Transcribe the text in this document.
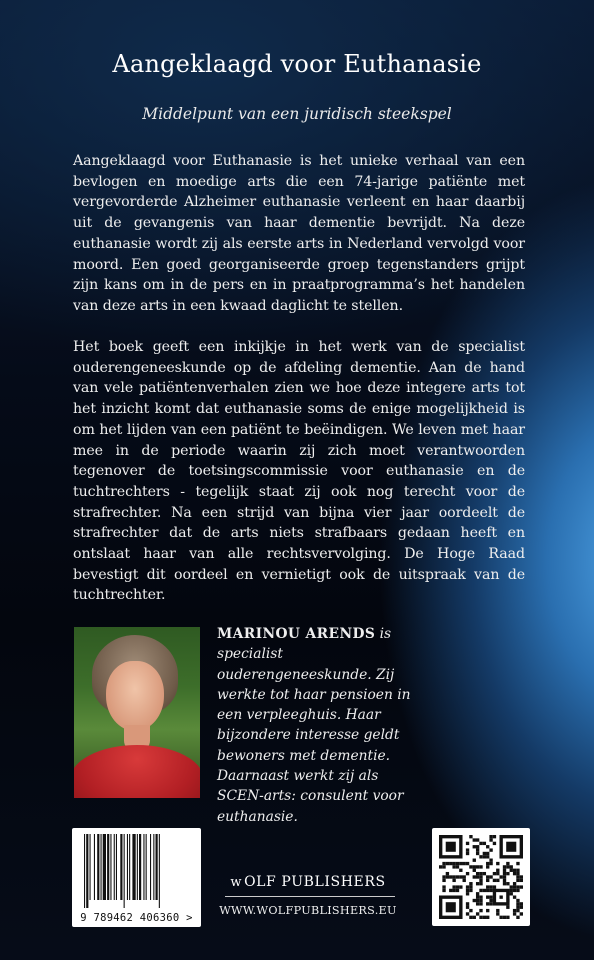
Aangeklaagd voor Euthanasie
Middelpunt van een juridisch steekspel
Aangeklaagd voor Euthanasie is het unieke verhaal van een bevlogen en moedige arts die een 74-jarige patiënte met vergevorderde Alzheimer euthanasie verleent en haar daarbij uit de gevangenis van haar dementie bevrijdt. Na deze euthanasie wordt zij als eerste arts in Nederland vervolgd voor moord. Een goed georganiseerde groep tegenstanders grijpt zijn kans om in de pers en in praatprogramma’s het handelen van deze arts in een kwaad daglicht te stellen.
Het boek geeft een inkijkje in het werk van de specialist ouderengeneeskunde op de afdeling dementie. Aan de hand van vele patiëntenverhalen zien we hoe deze integere arts tot het inzicht komt dat euthanasie soms de enige mogelijkheid is om het lijden van een patiënt te beëindigen. We leven met haar mee in de periode waarin zij zich moet verantwoorden tegenover de toetsingscommissie voor euthanasie en de tuchtrechters - tegelijk staat zij ook nog terecht voor de strafrechter. Na een strijd van bijna vier jaar oordeelt de strafrechter dat de arts niets strafbaars gedaan heeft en ontslaat haar van alle rechtsvervolging. De Hoge Raad bevestigt dit oordeel en vernietigt ook de uitspraak van de tuchtrechter.
MARINOU ARENDS is specialist ouderengeneeskunde. Zij werkte tot haar pensioen in een verpleeghuis. Haar bijzondere interesse geldt bewoners met dementie. Daarnaast werkt zij als SCEN-arts: consulent voor euthanasie.
9 789462 406360 >
w OLF PUBLISHERS
WWW.WOLFPUBLISHERS.EU
